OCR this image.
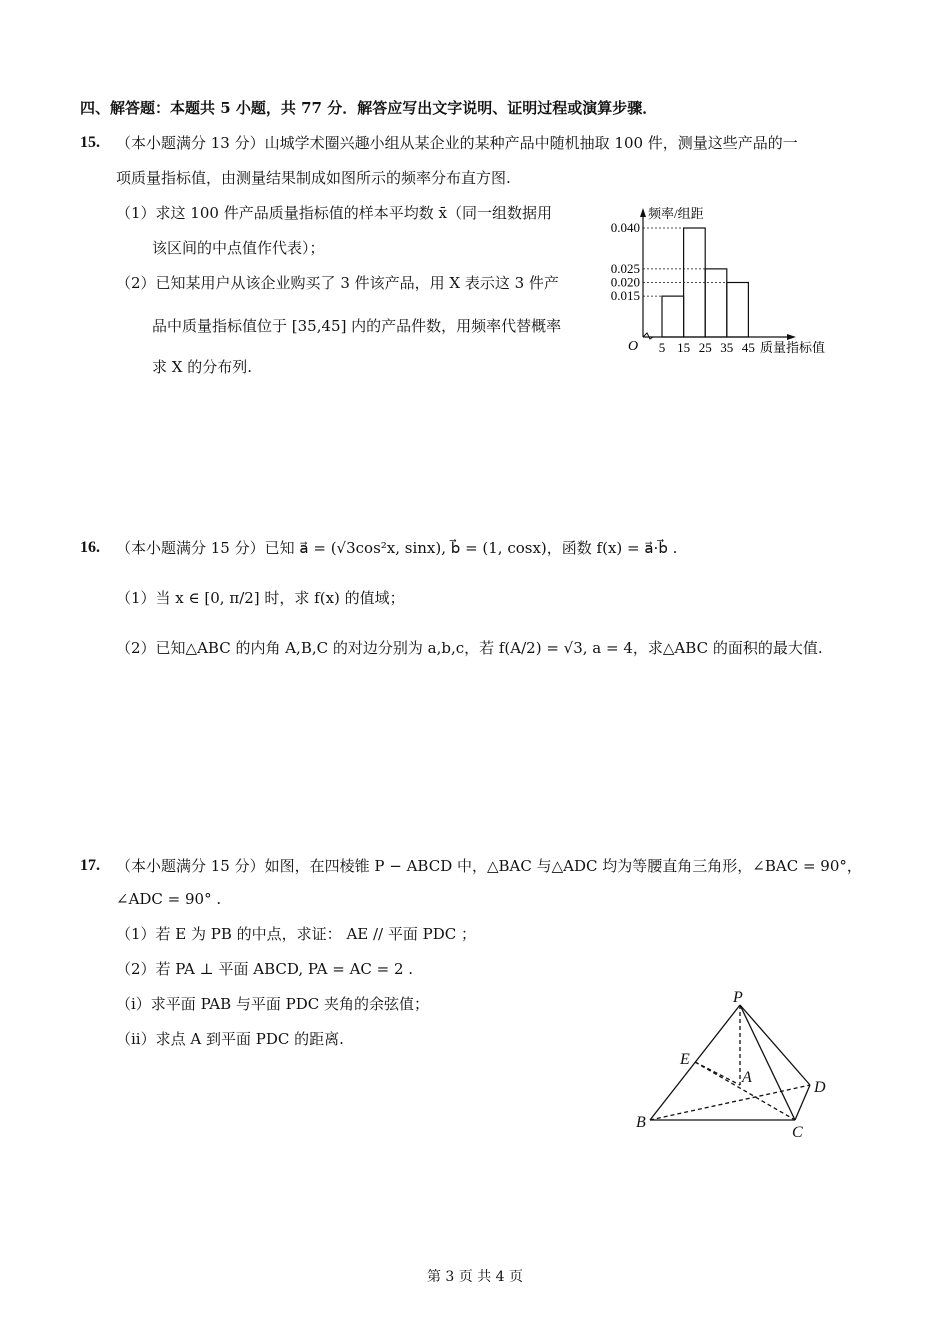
四、解答题：本题共 5 小题，共 77 分．解答应写出文字说明、证明过程或演算步骤．
15. （本小题满分 13 分）山城学术圈兴趣小组从某企业的某种产品中随机抽取 100 件，测量这些产品的一
项质量指标值，由测量结果制成如图所示的频率分布直方图.
（1）求这 100 件产品质量指标值的样本平均数 x̄（同一组数据用
该区间的中点值作代表）；
（2）已知某用户从该企业购买了 3 件该产品，用 X 表示这 3 件产
品中质量指标值位于 [35,45] 内的产品件数，用频率代替概率
求 X 的分布列.
频率/组距
质量指标值
O
0.040
0.025
0.020
0.015
5 15 25 35 45
16. （本小题满分 15 分）已知 a⃗ = (√3cos²x, sinx), b⃗ = (1, cosx)，函数 f(x) = a⃗·b⃗ .
（1）当 x ∈ [0, π/2] 时，求 f(x) 的值域；
（2）已知△ABC 的内角 A,B,C 的对边分别为 a,b,c，若 f(A/2) = √3, a = 4，求△ABC 的面积的最大值.
17. （本小题满分 15 分）如图，在四棱锥 P − ABCD 中，△BAC 与△ADC 均为等腰直角三角形，∠BAC = 90°，
∠ADC = 90° .
（1）若 E 为 PB 的中点，求证： AE // 平面 PDC ；
（2）若 PA ⊥ 平面 ABCD, PA = AC = 2 .
（i）求平面 PAB 与平面 PDC 夹角的余弦值；
（ii）求点 A 到平面 PDC 的距离.
P
E
A
D
B
C
第 3 页 共 4 页
